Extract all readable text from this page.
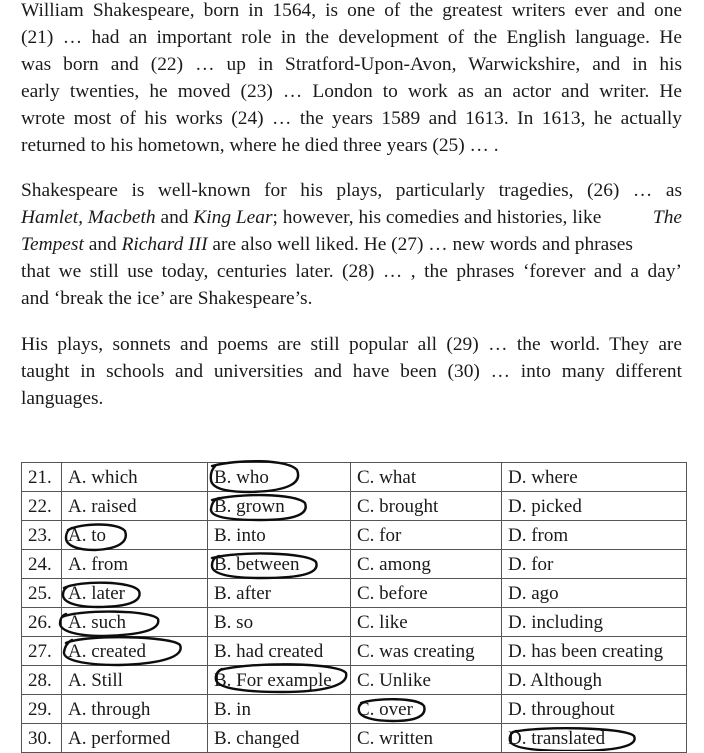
William Shakespeare, born in 1564, is one of the greatest writers ever and one
(21) … had an important role in the development of the English language. He
was born and (22) … up in Stratford-Upon-Avon, Warwickshire, and in his
early twenties, he moved (23) … London to work as an actor and writer. He
wrote most of his works (24) … the years 1589 and 1613. In 1613, he actually
returned to his hometown, where he died three years (25) … .
Shakespeare is well-known for his plays, particularly tragedies, (26) … as
Hamlet, Macbeth and King Lear; however, his comedies and histories, like The
Tempest and Richard III are also well liked. He (27) … new words and phrases
that we still use today, centuries later. (28) … , the phrases ‘forever and a day’
and ‘break the ice’ are Shakespeare’s.
His plays, sonnets and poems are still popular all (29) … the world. They are
taught in schools and universities and have been (30) … into many different
languages.
21.	A. which	B. who	C. what	D. where
22.	A. raised	B. grown	C. brought	D. picked
23.	A. to	B. into	C. for	D. from
24.	A. from	B. between	C. among	D. for
25.	A. later	B. after	C. before	D. ago
26.	A. such	B. so	C. like	D. including
27.	A. created	B. had created	C. was creating	D. has been creating
28.	A. Still	B. For example	C. Unlike	D. Although
29.	A. through	B. in	C. over	D. throughout
30.	A. performed	B. changed	C. written	D. translated
